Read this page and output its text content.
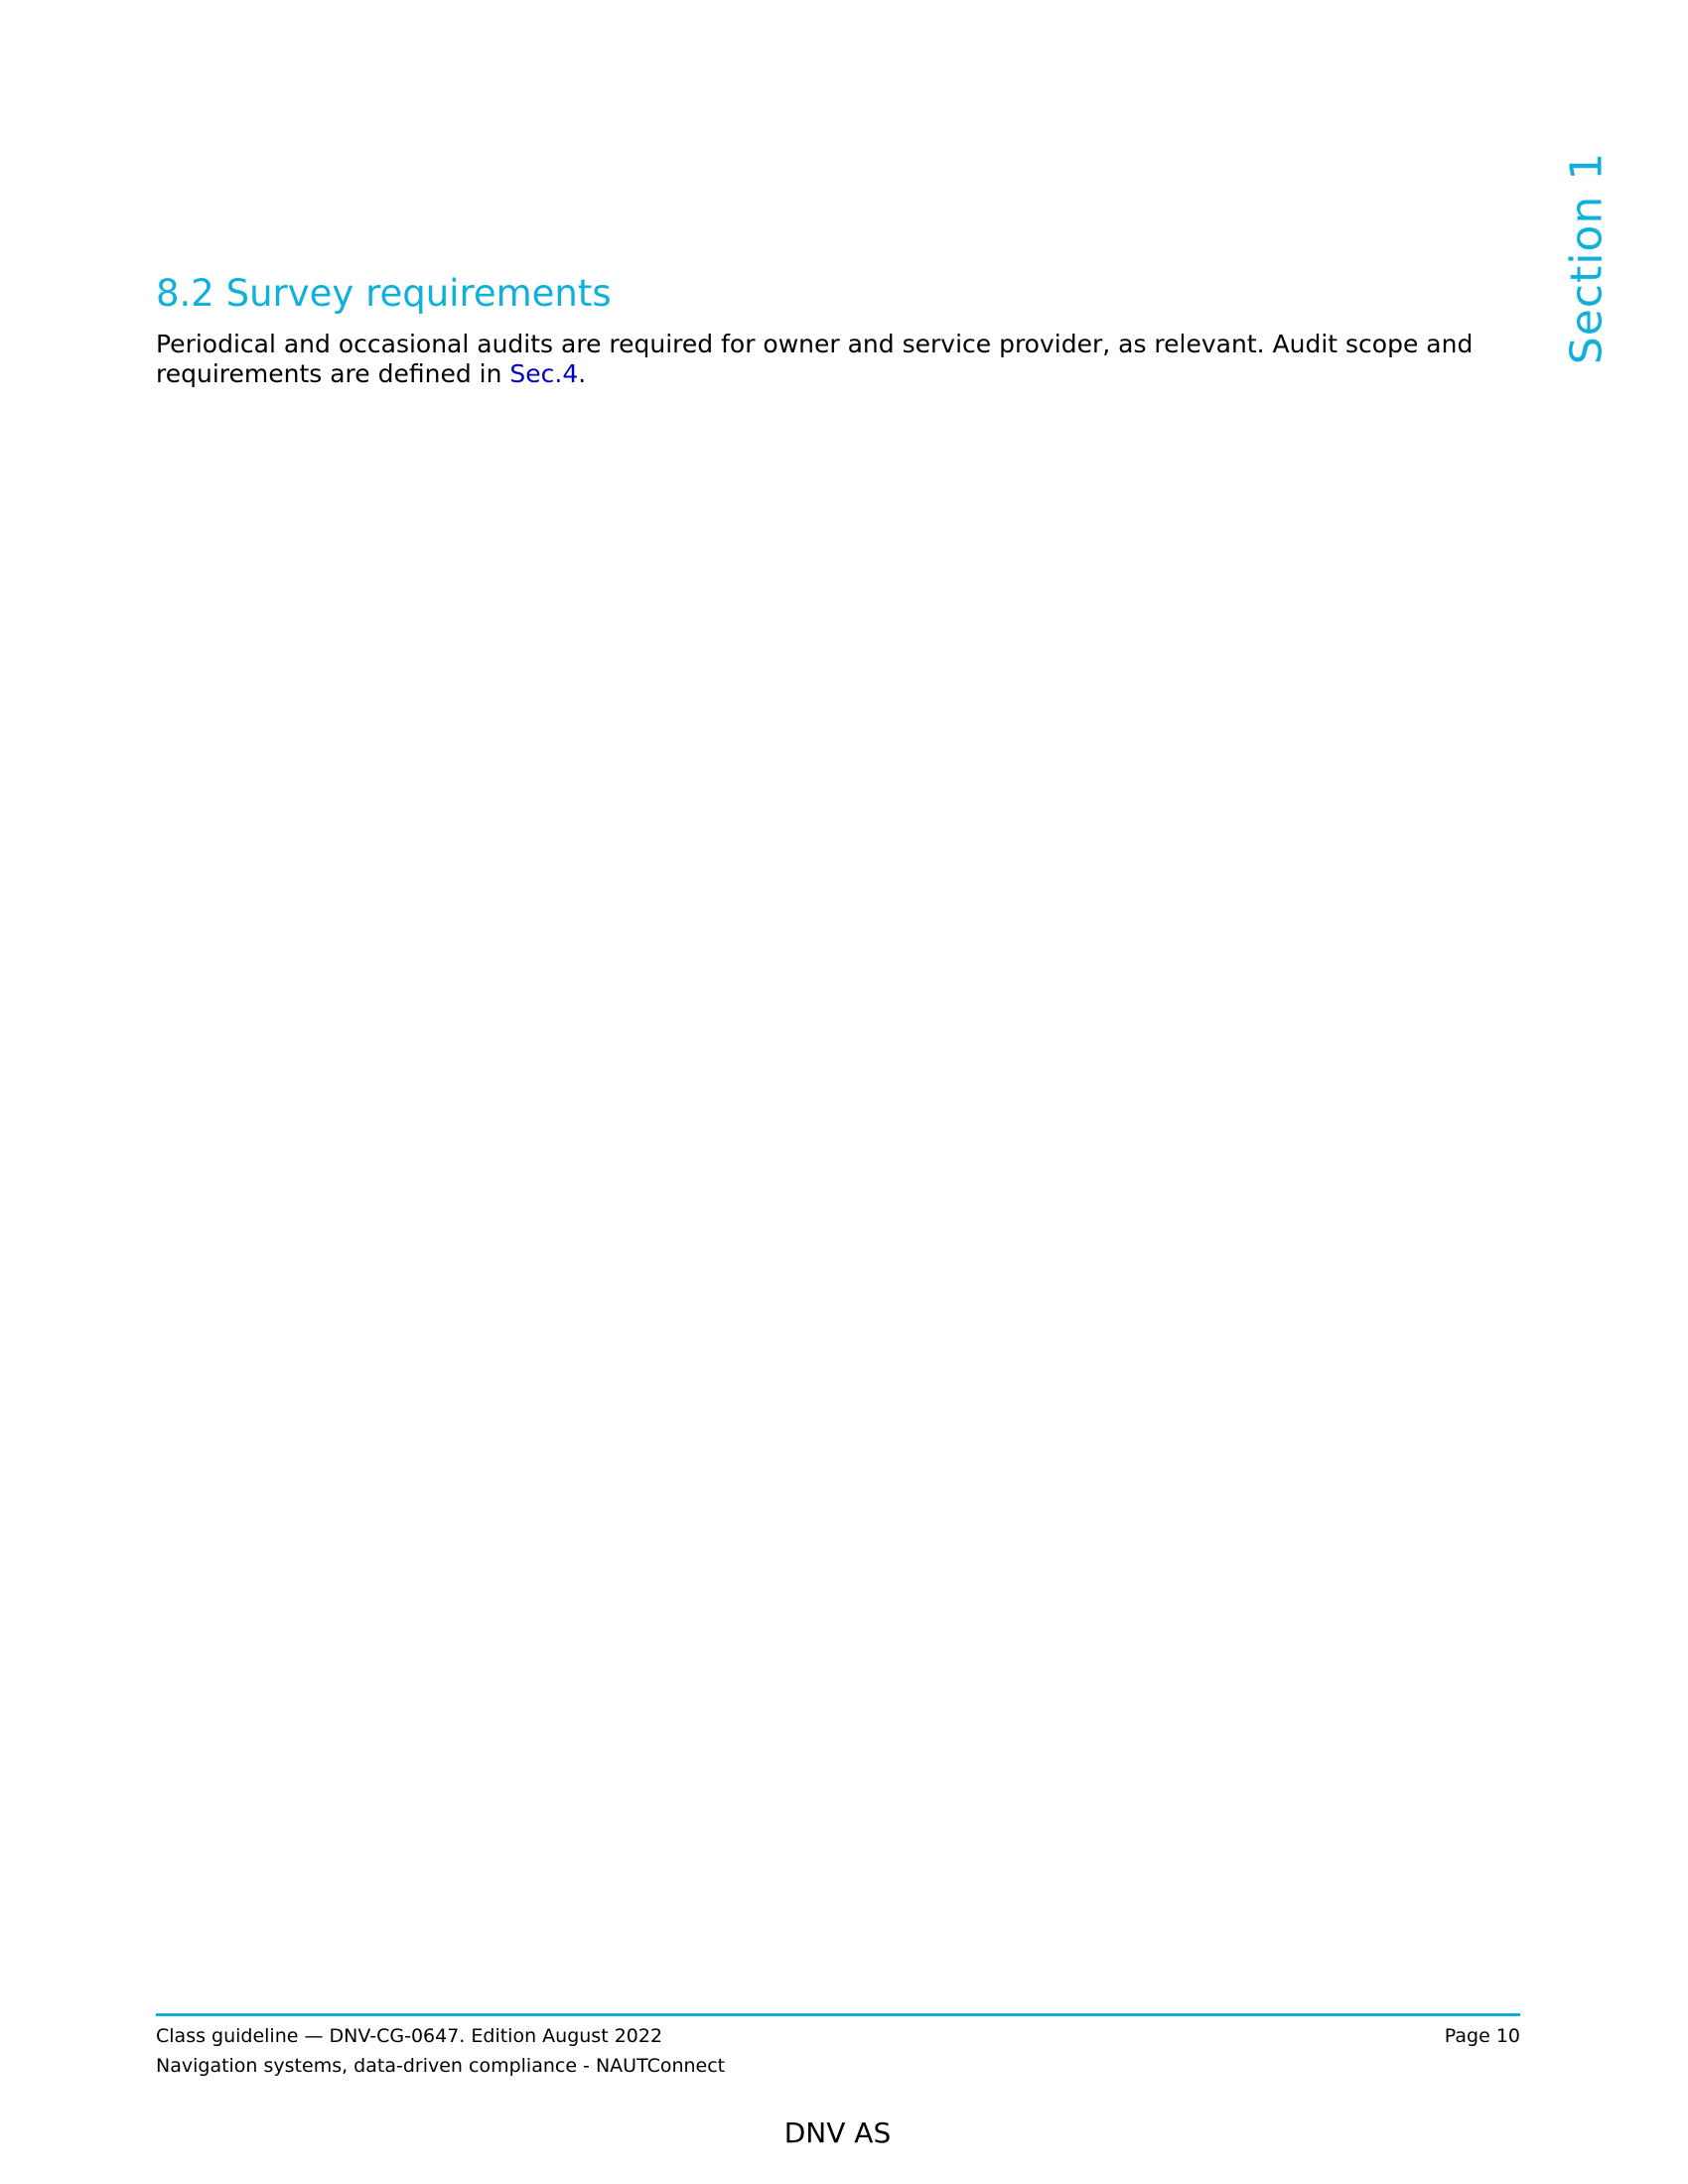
Section 1
8.2 Survey requirements

Periodical and occasional audits are required for owner and service provider, as relevant. Audit scope and requirements are defined in Sec.4.

Class guideline — DNV-CG-0647. Edition August 2022
Navigation systems, data-driven compliance - NAUTConnect
Page 10
DNV AS
